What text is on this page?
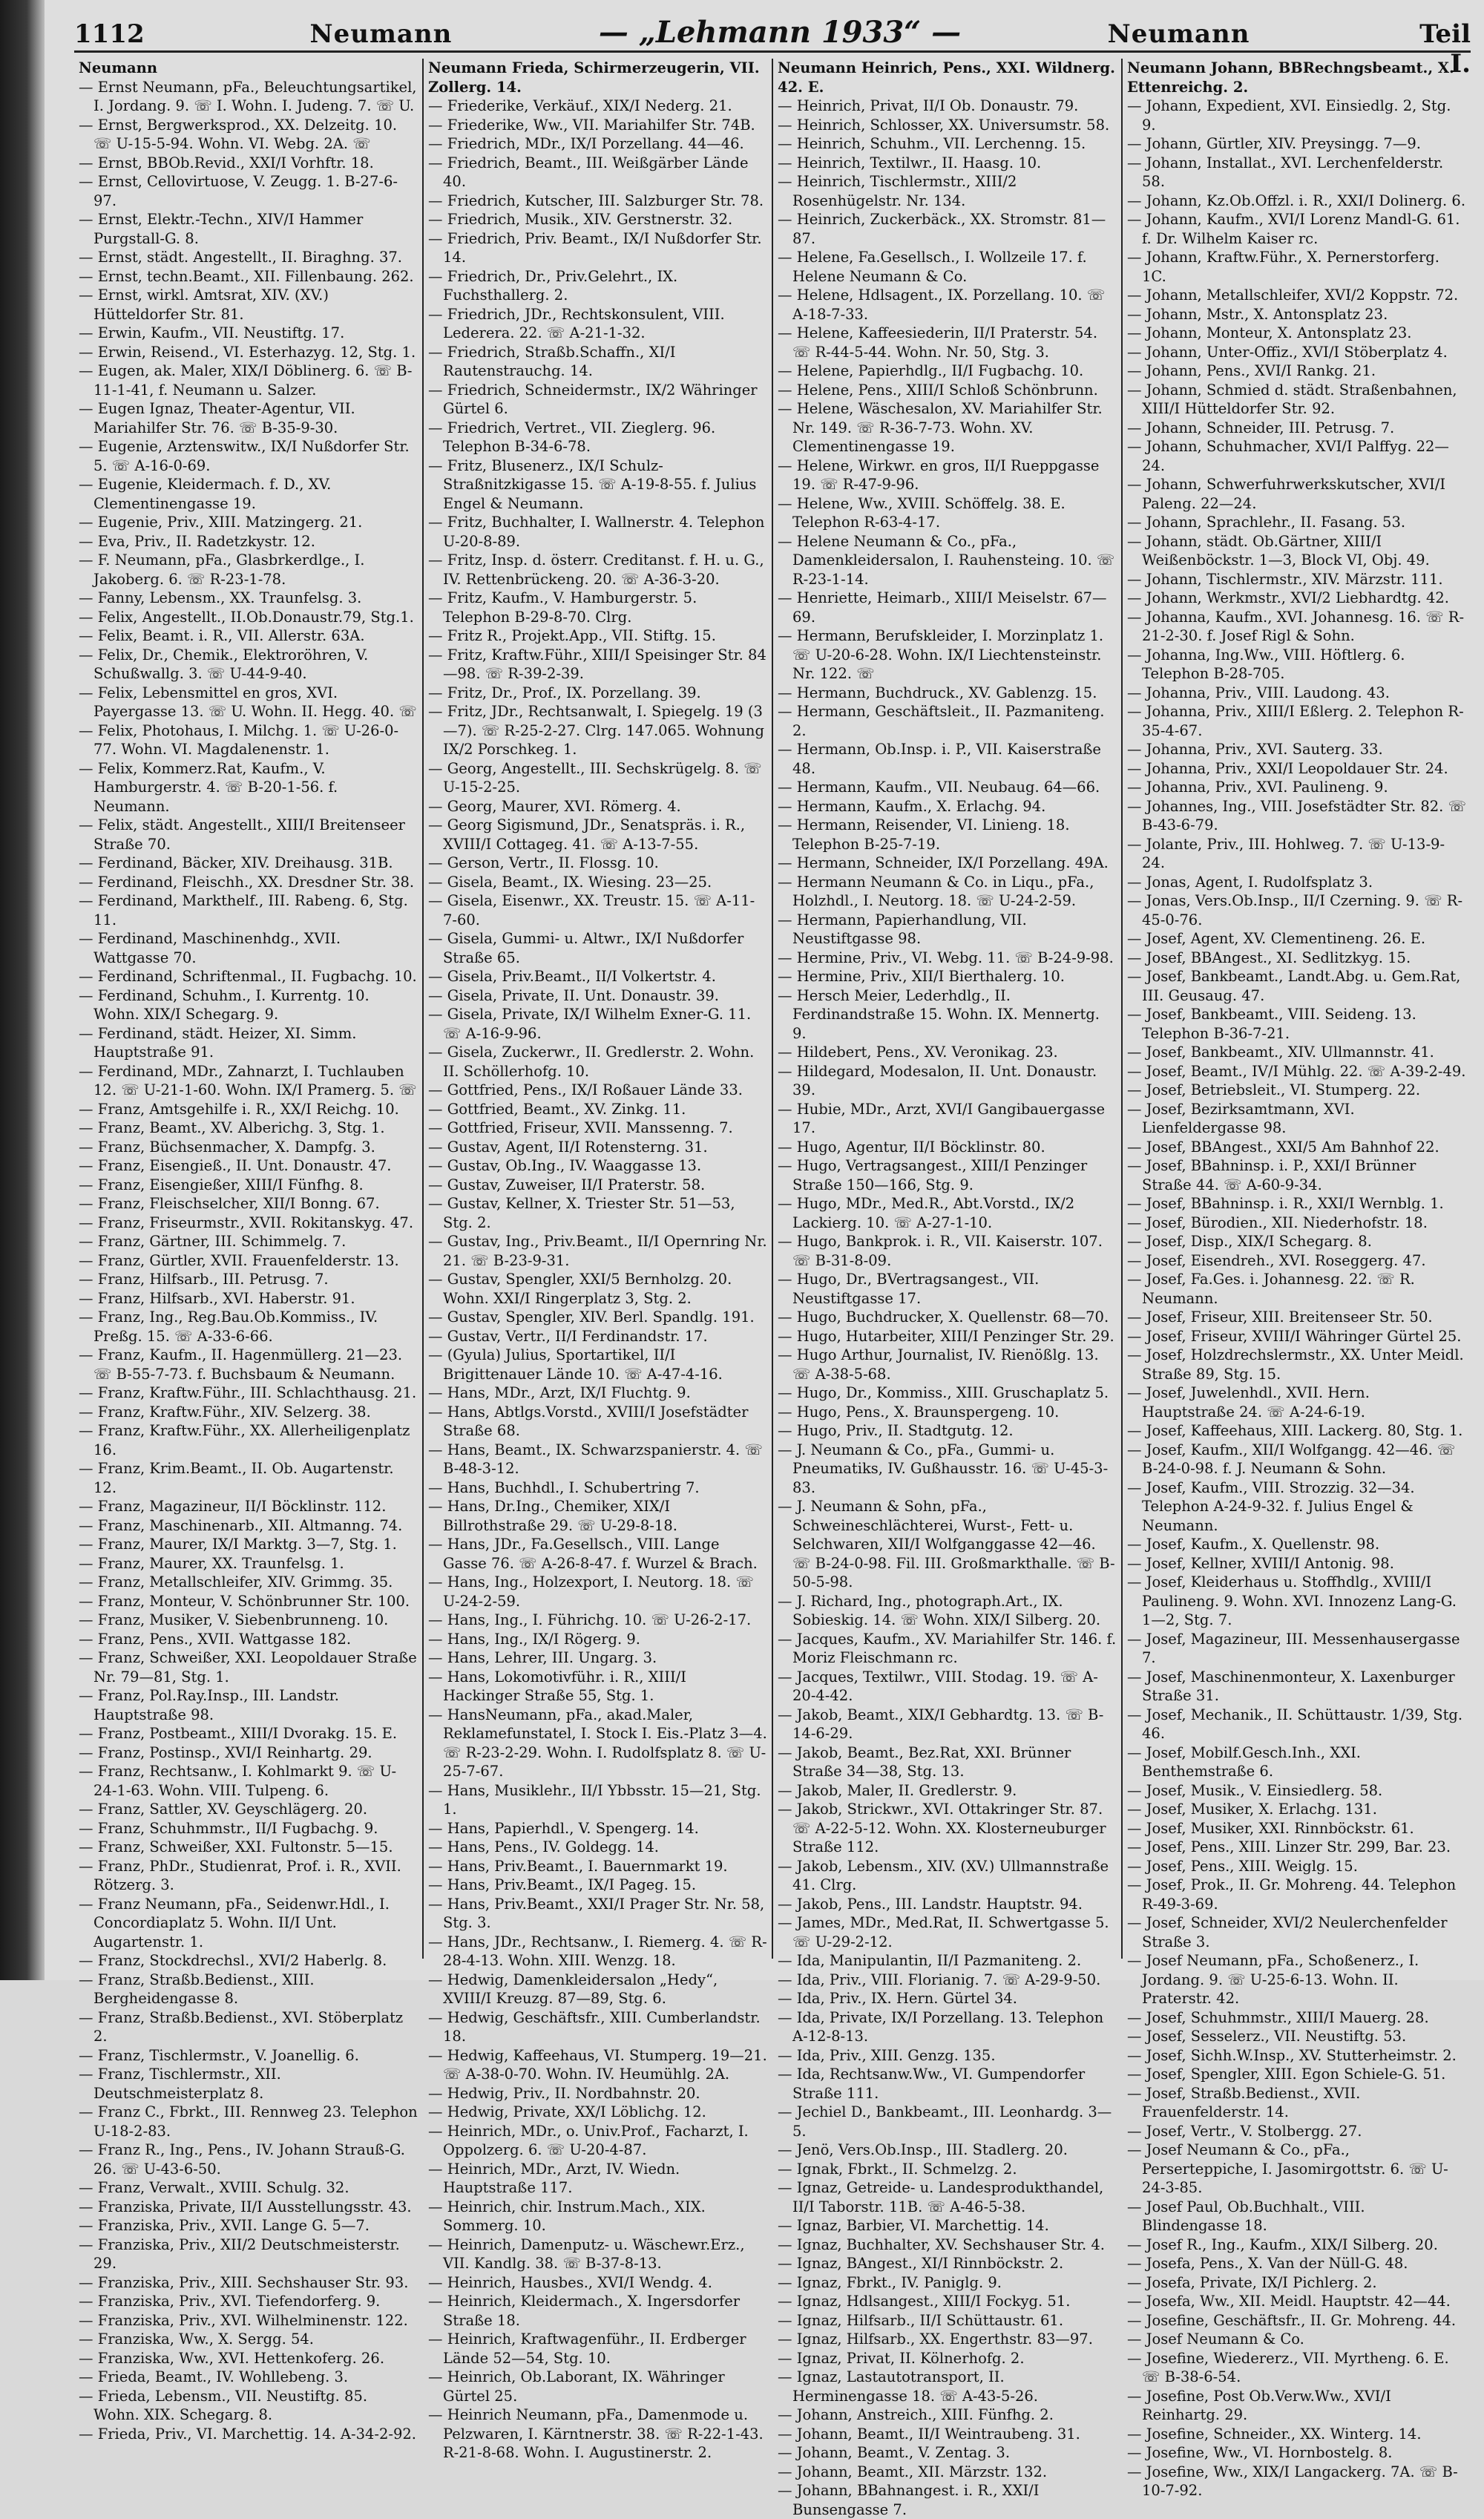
1112	Neumann	— „Lehmann 1933“ —	Neumann	Teil I.
Neumann
— Ernst Neumann, pFa., Beleuchtungsartikel, I. Jordang. 9. ☏ I. Wohn. I. Judeng. 7. ☏ U.
— Ernst, Bergwerksprod., XX. Delzeitg. 10. ☏ U-15-5-94. Wohn. VI. Webg. 2A. ☏
— Ernst, BBOb.Revid., XXI/I Vorhftr. 18.
— Ernst, Cellovirtuose, V. Zeugg. 1. B-27-6-97.
— Ernst, Elektr.-Techn., XIV/I Hammer Purgstall-G. 8.
— Ernst, städt. Angestellt., II. Biraghng. 37.
— Ernst, techn.Beamt., XII. Fillenbaung. 262.
— Ernst, wirkl. Amtsrat, XIV. (XV.) Hütteldorfer Str. 81.
— Erwin, Kaufm., VII. Neustiftg. 17.
— Erwin, Reisend., VI. Esterhazyg. 12, Stg. 1.
— Eugen, ak. Maler, XIX/I Döblinerg. 6. ☏ B-11-1-41, f. Neumann u. Salzer.
— Eugen Ignaz, Theater-Agentur, VII. Mariahilfer Str. 76. ☏ B-35-9-30.
— Eugenie, Arztenswitw., IX/I Nußdorfer Str. 5. ☏ A-16-0-69.
— Eugenie, Kleidermach. f. D., XV. Clementinengasse 19.
— Eugenie, Priv., XIII. Matzingerg. 21.
— Eva, Priv., II. Radetzkystr. 12.
— F. Neumann, pFa., Glasbrkerdlge., I. Jakoberg. 6. ☏ R-23-1-78.
— Fanny, Lebensm., XX. Traunfelsg. 3.
— Felix, Angestellt., II.Ob.Donaustr.79, Stg.1.
— Felix, Beamt. i. R., VII. Allerstr. 63A.
— Felix, Dr., Chemik., Elektroröhren, V. Schußwallg. 3. ☏ U-44-9-40.
— Felix, Lebensmittel en gros, XVI. Payergasse 13. ☏ U. Wohn. II. Hegg. 40. ☏
— Felix, Photohaus, I. Milchg. 1. ☏ U-26-0-77. Wohn. VI. Magdalenenstr. 1.
— Felix, Kommerz.Rat, Kaufm., V. Hamburgerstr. 4. ☏ B-20-1-56. f. Neumann.
— Felix, städt. Angestellt., XIII/I Breitenseer Straße 70.
— Ferdinand, Bäcker, XIV. Dreihausg. 31B.
— Ferdinand, Fleischh., XX. Dresdner Str. 38.
— Ferdinand, Markthelf., III. Rabeng. 6, Stg. 11.
— Ferdinand, Maschinenhdg., XVII. Wattgasse 70.
— Ferdinand, Schriftenmal., II. Fugbachg. 10.
— Ferdinand, Schuhm., I. Kurrentg. 10. Wohn. XIX/I Schegarg. 9.
— Ferdinand, städt. Heizer, XI. Simm. Hauptstraße 91.
— Ferdinand, MDr., Zahnarzt, I. Tuchlauben 12. ☏ U-21-1-60. Wohn. IX/I Pramerg. 5. ☏
— Franz, Amtsgehilfe i. R., XX/I Reichg. 10.
— Franz, Beamt., XV. Alberichg. 3, Stg. 1.
— Franz, Büchsenmacher, X. Dampfg. 3.
— Franz, Eisengieß., II. Unt. Donaustr. 47.
— Franz, Eisengießer, XIII/I Fünfhg. 8.
— Franz, Fleischselcher, XII/I Bonng. 67.
— Franz, Friseurmstr., XVII. Rokitanskyg. 47.
— Franz, Gärtner, III. Schimmelg. 7.
— Franz, Gürtler, XVII. Frauenfelderstr. 13.
— Franz, Hilfsarb., III. Petrusg. 7.
— Franz, Hilfsarb., XVI. Haberstr. 91.
— Franz, Ing., Reg.Bau.Ob.Kommiss., IV. Preßg. 15. ☏ A-33-6-66.
— Franz, Kaufm., II. Hagenmüllerg. 21—23. ☏ B-55-7-73. f. Buchsbaum & Neumann.
— Franz, Kraftw.Führ., III. Schlachthausg. 21.
— Franz, Kraftw.Führ., XIV. Selzerg. 38.
— Franz, Kraftw.Führ., XX. Allerheiligenplatz 16.
— Franz, Krim.Beamt., II. Ob. Augartenstr. 12.
— Franz, Magazineur, II/I Böcklinstr. 112.
— Franz, Maschinenarb., XII. Altmanng. 74.
— Franz, Maurer, IX/I Marktg. 3—7, Stg. 1.
— Franz, Maurer, XX. Traunfelsg. 1.
— Franz, Metallschleifer, XIV. Grimmg. 35.
— Franz, Monteur, V. Schönbrunner Str. 100.
— Franz, Musiker, V. Siebenbrunneng. 10.
— Franz, Pens., XVII. Wattgasse 182.
— Franz, Schweißer, XXI. Leopoldauer Straße Nr. 79—81, Stg. 1.
— Franz, Pol.Ray.Insp., III. Landstr. Hauptstraße 98.
— Franz, Postbeamt., XIII/I Dvorakg. 15. E.
— Franz, Postinsp., XVI/I Reinhartg. 29.
— Franz, Rechtsanw., I. Kohlmarkt 9. ☏ U-24-1-63. Wohn. VIII. Tulpeng. 6.
— Franz, Sattler, XV. Geyschlägerg. 20.
— Franz, Schuhmmstr., II/I Fugbachg. 9.
— Franz, Schweißer, XXI. Fultonstr. 5—15.
— Franz, PhDr., Studienrat, Prof. i. R., XVII. Rötzerg. 3.
— Franz Neumann, pFa., Seidenwr.Hdl., I. Concordiaplatz 5. Wohn. II/I Unt. Augartenstr. 1.
— Franz, Stockdrechsl., XVI/2 Haberlg. 8.
— Franz, Straßb.Bedienst., XIII. Bergheidengasse 8.
— Franz, Straßb.Bedienst., XVI. Stöberplatz 2.
— Franz, Tischlermstr., V. Joanellig. 6.
— Franz, Tischlermstr., XII. Deutschmeisterplatz 8.
— Franz C., Fbrkt., III. Rennweg 23. Telephon U-18-2-83.
— Franz R., Ing., Pens., IV. Johann Strauß-G. 26. ☏ U-43-6-50.
— Franz, Verwalt., XVIII. Schulg. 32.
— Franziska, Private, II/I Ausstellungsstr. 43.
— Franziska, Priv., XVII. Lange G. 5—7.
— Franziska, Priv., XII/2 Deutschmeisterstr. 29.
— Franziska, Priv., XIII. Sechshauser Str. 93.
— Franziska, Priv., XVI. Tiefendorferg. 9.
— Franziska, Priv., XVI. Wilhelminenstr. 122.
— Franziska, Ww., X. Sergg. 54.
— Franziska, Ww., XVI. Hettenkoferg. 26.
— Frieda, Beamt., IV. Wohllebeng. 3.
— Frieda, Lebensm., VII. Neustiftg. 85. Wohn. XIX. Schegarg. 8.
— Frieda, Priv., VI. Marchettig. 14. A-34-2-92.
Neumann Frieda, Schirmerzeugerin, VII. Zollerg. 14.
— Friederike, Verkäuf., XIX/I Nederg. 21.
— Friederike, Ww., VII. Mariahilfer Str. 74B.
— Friedrich, MDr., IX/I Porzellang. 44—46.
— Friedrich, Beamt., III. Weißgärber Lände 40.
— Friedrich, Kutscher, III. Salzburger Str. 78.
— Friedrich, Musik., XIV. Gerstnerstr. 32.
— Friedrich, Priv. Beamt., IX/I Nußdorfer Str. 14.
— Friedrich, Dr., Priv.Gelehrt., IX. Fuchsthallerg. 2.
— Friedrich, JDr., Rechtskonsulent, VIII. Lederera. 22. ☏ A-21-1-32.
— Friedrich, Straßb.Schaffn., XI/I Rautenstrauchg. 14.
— Friedrich, Schneidermstr., IX/2 Währinger Gürtel 6.
— Friedrich, Vertret., VII. Zieglerg. 96. Telephon B-34-6-78.
— Fritz, Blusenerz., IX/I Schulz-Straßnitzkigasse 15. ☏ A-19-8-55. f. Julius Engel & Neumann.
— Fritz, Buchhalter, I. Wallnerstr. 4. Telephon U-20-8-89.
— Fritz, Insp. d. österr. Creditanst. f. H. u. G., IV. Rettenbrückeng. 20. ☏ A-36-3-20.
— Fritz, Kaufm., V. Hamburgerstr. 5. Telephon B-29-8-70. Clrg.
— Fritz R., Projekt.App., VII. Stiftg. 15.
— Fritz, Kraftw.Führ., XIII/I Speisinger Str. 84—98. ☏ R-39-2-39.
— Fritz, Dr., Prof., IX. Porzellang. 39.
— Fritz, JDr., Rechtsanwalt, I. Spiegelg. 19 (3—7). ☏ R-25-2-27. Clrg. 147.065. Wohnung IX/2 Porschkeg. 1.
— Georg, Angestellt., III. Sechskrügelg. 8. ☏ U-15-2-25.
— Georg, Maurer, XVI. Römerg. 4.
— Georg Sigismund, JDr., Senatspräs. i. R., XVIII/I Cottageg. 41. ☏ A-13-7-55.
— Gerson, Vertr., II. Flossg. 10.
— Gisela, Beamt., IX. Wiesing. 23—25.
— Gisela, Eisenwr., XX. Treustr. 15. ☏ A-11-7-60.
— Gisela, Gummi- u. Altwr., IX/I Nußdorfer Straße 65.
— Gisela, Priv.Beamt., II/I Volkertstr. 4.
— Gisela, Private, II. Unt. Donaustr. 39.
— Gisela, Private, IX/I Wilhelm Exner-G. 11. ☏ A-16-9-96.
— Gisela, Zuckerwr., II. Gredlerstr. 2. Wohn. II. Schöllerhofg. 10.
— Gottfried, Pens., IX/I Roßauer Lände 33.
— Gottfried, Beamt., XV. Zinkg. 11.
— Gottfried, Friseur, XVII. Manssenng. 7.
— Gustav, Agent, II/I Rotensterng. 31.
— Gustav, Ob.Ing., IV. Waaggasse 13.
— Gustav, Zuweiser, II/I Praterstr. 58.
— Gustav, Kellner, X. Triester Str. 51—53, Stg. 2.
— Gustav, Ing., Priv.Beamt., II/I Opernring Nr. 21. ☏ B-23-9-31.
— Gustav, Spengler, XXI/5 Bernholzg. 20. Wohn. XXI/I Ringerplatz 3, Stg. 2.
— Gustav, Spengler, XIV. Berl. Spandlg. 191.
— Gustav, Vertr., II/I Ferdinandstr. 17.
— (Gyula) Julius, Sportartikel, II/I Brigittenauer Lände 10. ☏ A-47-4-16.
— Hans, MDr., Arzt, IX/I Fluchtg. 9.
— Hans, Abtlgs.Vorstd., XVIII/I Josefstädter Straße 68.
— Hans, Beamt., IX. Schwarzspanierstr. 4. ☏ B-48-3-12.
— Hans, Buchhdl., I. Schubertring 7.
— Hans, Dr.Ing., Chemiker, XIX/I Billrothstraße 29. ☏ U-29-8-18.
— Hans, JDr., Fa.Gesellsch., VIII. Lange Gasse 76. ☏ A-26-8-47. f. Wurzel & Brach.
— Hans, Ing., Holzexport, I. Neutorg. 18. ☏ U-24-2-59.
— Hans, Ing., I. Führichg. 10. ☏ U-26-2-17.
— Hans, Ing., IX/I Rögerg. 9.
— Hans, Lehrer, III. Ungarg. 3.
— Hans, Lokomotivführ. i. R., XIII/I Hackinger Straße 55, Stg. 1.
— HansNeumann, pFa., akad.Maler, Reklamefunstatel, I. Stock I. Eis.-Platz 3—4. ☏ R-23-2-29. Wohn. I. Rudolfsplatz 8. ☏ U-25-7-67.
— Hans, Musiklehr., II/I Ybbsstr. 15—21, Stg. 1.
— Hans, Papierhdl., V. Spengerg. 14.
— Hans, Pens., IV. Goldegg. 14.
— Hans, Priv.Beamt., I. Bauernmarkt 19.
— Hans, Priv.Beamt., IX/I Pageg. 15.
— Hans, Priv.Beamt., XXI/I Prager Str. Nr. 58, Stg. 3.
— Hans, JDr., Rechtsanw., I. Riemerg. 4. ☏ R-28-4-13. Wohn. XIII. Wenzg. 18.
— Hedwig, Damenkleidersalon „Hedy“, XVIII/I Kreuzg. 87—89, Stg. 6.
— Hedwig, Geschäftsfr., XIII. Cumberlandstr. 18.
— Hedwig, Kaffeehaus, VI. Stumperg. 19—21. ☏ A-38-0-70. Wohn. IV. Heumühlg. 2A.
— Hedwig, Priv., II. Nordbahnstr. 20.
— Hedwig, Private, XX/I Löblichg. 12.
— Heinrich, MDr., o. Univ.Prof., Facharzt, I. Oppolzerg. 6. ☏ U-20-4-87.
— Heinrich, MDr., Arzt, IV. Wiedn. Hauptstraße 117.
— Heinrich, chir. Instrum.Mach., XIX. Sommerg. 10.
— Heinrich, Damenputz- u. Wäschewr.Erz., VII. Kandlg. 38. ☏ B-37-8-13.
— Heinrich, Hausbes., XVI/I Wendg. 4.
— Heinrich, Kleidermach., X. Ingersdorfer Straße 18.
— Heinrich, Kraftwagenführ., II. Erdberger Lände 52—54, Stg. 10.
— Heinrich, Ob.Laborant, IX. Währinger Gürtel 25.
— Heinrich Neumann, pFa., Damenmode u. Pelzwaren, I. Kärntnerstr. 38. ☏ R-22-1-43. R-21-8-68. Wohn. I. Augustinerstr. 2.
Neumann Heinrich, Pens., XXI. Wildnerg. 42. E.
— Heinrich, Privat, II/I Ob. Donaustr. 79.
— Heinrich, Schlosser, XX. Universumstr. 58.
— Heinrich, Schuhm., VII. Lerchenng. 15.
— Heinrich, Textilwr., II. Haasg. 10.
— Heinrich, Tischlermstr., XIII/2 Rosenhügelstr. Nr. 134.
— Heinrich, Zuckerbäck., XX. Stromstr. 81—87.
— Helene, Fa.Gesellsch., I. Wollzeile 17. f. Helene Neumann & Co.
— Helene, Hdlsagent., IX. Porzellang. 10. ☏ A-18-7-33.
— Helene, Kaffeesiederin, II/I Praterstr. 54. ☏ R-44-5-44. Wohn. Nr. 50, Stg. 3.
— Helene, Papierhdlg., II/I Fugbachg. 10.
— Helene, Pens., XIII/I Schloß Schönbrunn.
— Helene, Wäschesalon, XV. Mariahilfer Str. Nr. 149. ☏ R-36-7-73. Wohn. XV. Clementinengasse 19.
— Helene, Wirkwr. en gros, II/I Rueppgasse 19. ☏ R-47-9-96.
— Helene, Ww., XVIII. Schöffelg. 38. E. Telephon R-63-4-17.
— Helene Neumann & Co., pFa., Damenkleidersalon, I. Rauhensteing. 10. ☏ R-23-1-14.
— Henriette, Heimarb., XIII/I Meiselstr. 67—69.
— Hermann, Berufskleider, I. Morzinplatz 1. ☏ U-20-6-28. Wohn. IX/I Liechtensteinstr. Nr. 122. ☏
— Hermann, Buchdruck., XV. Gablenzg. 15.
— Hermann, Geschäftsleit., II. Pazmaniteng. 2.
— Hermann, Ob.Insp. i. P., VII. Kaiserstraße 48.
— Hermann, Kaufm., VII. Neubaug. 64—66.
— Hermann, Kaufm., X. Erlachg. 94.
— Hermann, Reisender, VI. Linieng. 18. Telephon B-25-7-19.
— Hermann, Schneider, IX/I Porzellang. 49A.
— Hermann Neumann & Co. in Liqu., pFa., Holzhdl., I. Neutorg. 18. ☏ U-24-2-59.
— Hermann, Papierhandlung, VII. Neustiftgasse 98.
— Hermine, Priv., VI. Webg. 11. ☏ B-24-9-98.
— Hermine, Priv., XII/I Bierthalerg. 10.
— Hersch Meier, Lederhdlg., II. Ferdinandstraße 15. Wohn. IX. Mennertg. 9.
— Hildebert, Pens., XV. Veronikag. 23.
— Hildegard, Modesalon, II. Unt. Donaustr. 39.
— Hubie, MDr., Arzt, XVI/I Gangibauergasse 17.
— Hugo, Agentur, II/I Böcklinstr. 80.
— Hugo, Vertragsangest., XIII/I Penzinger Straße 150—166, Stg. 9.
— Hugo, MDr., Med.R., Abt.Vorstd., IX/2 Lackierg. 10. ☏ A-27-1-10.
— Hugo, Bankprok. i. R., VII. Kaiserstr. 107. ☏ B-31-8-09.
— Hugo, Dr., BVertragsangest., VII. Neustiftgasse 17.
— Hugo, Buchdrucker, X. Quellenstr. 68—70.
— Hugo, Hutarbeiter, XIII/I Penzinger Str. 29.
— Hugo Arthur, Journalist, IV. Rienößlg. 13. ☏ A-38-5-68.
— Hugo, Dr., Kommiss., XIII. Gruschaplatz 5.
— Hugo, Pens., X. Braunspergeng. 10.
— Hugo, Priv., II. Stadtgutg. 12.
— J. Neumann & Co., pFa., Gummi- u. Pneumatiks, IV. Gußhausstr. 16. ☏ U-45-3-83.
— J. Neumann & Sohn, pFa., Schweineschlächterei, Wurst-, Fett- u. Selchwaren, XII/I Wolfganggasse 42—46. ☏ B-24-0-98. Fil. III. Großmarkthalle. ☏ B-50-5-98.
— J. Richard, Ing., photograph.Art., IX. Sobieskig. 14. ☏ Wohn. XIX/I Silberg. 20.
— Jacques, Kaufm., XV. Mariahilfer Str. 146. f. Moriz Fleischmann rc.
— Jacques, Textilwr., VIII. Stodag. 19. ☏ A-20-4-42.
— Jakob, Beamt., XIX/I Gebhardtg. 13. ☏ B-14-6-29.
— Jakob, Beamt., Bez.Rat, XXI. Brünner Straße 34—38, Stg. 13.
— Jakob, Maler, II. Gredlerstr. 9.
— Jakob, Strickwr., XVI. Ottakringer Str. 87. ☏ A-22-5-12. Wohn. XX. Klosterneuburger Straße 112.
— Jakob, Lebensm., XIV. (XV.) Ullmannstraße 41. Clrg.
— Jakob, Pens., III. Landstr. Hauptstr. 94.
— James, MDr., Med.Rat, II. Schwertgasse 5. ☏ U-29-2-12.
— Ida, Manipulantin, II/I Pazmaniteng. 2.
— Ida, Priv., VIII. Florianig. 7. ☏ A-29-9-50.
— Ida, Priv., IX. Hern. Gürtel 34.
— Ida, Private, IX/I Porzellang. 13. Telephon A-12-8-13.
— Ida, Priv., XIII. Genzg. 135.
— Ida, Rechtsanw.Ww., VI. Gumpendorfer Straße 111.
— Jechiel D., Bankbeamt., III. Leonhardg. 3—5.
— Jenö, Vers.Ob.Insp., III. Stadlerg. 20.
— Ignak, Fbrkt., II. Schmelzg. 2.
— Ignaz, Getreide- u. Landesprodukthandel, II/I Taborstr. 11B. ☏ A-46-5-38.
— Ignaz, Barbier, VI. Marchettig. 14.
— Ignaz, Buchhalter, XV. Sechshauser Str. 4.
— Ignaz, BAngest., XI/I Rinnböckstr. 2.
— Ignaz, Fbrkt., IV. Paniglg. 9.
— Ignaz, Hdlsangest., XIII/I Fockyg. 51.
— Ignaz, Hilfsarb., II/I Schüttaustr. 61.
— Ignaz, Hilfsarb., XX. Engerthstr. 83—97.
— Ignaz, Privat, II. Kölnerhofg. 2.
— Ignaz, Lastautotransport, II. Herminengasse 18. ☏ A-43-5-26.
— Johann, Anstreich., XIII. Fünfhg. 2.
— Johann, Beamt., II/I Weintraubeng. 31.
— Johann, Beamt., V. Zentag. 3.
— Johann, Beamt., XII. Märzstr. 132.
— Johann, BBahnangest. i. R., XXI/I Bunsengasse 7.
Neumann Johann, BBRechngsbeamt., X. Ettenreichg. 2.
— Johann, Expedient, XVI. Einsiedlg. 2, Stg. 9.
— Johann, Gürtler, XIV. Preysingg. 7—9.
— Johann, Installat., XVI. Lerchenfelderstr. 58.
— Johann, Kz.Ob.Offzl. i. R., XXI/I Dolinerg. 6.
— Johann, Kaufm., XVI/I Lorenz Mandl-G. 61. f. Dr. Wilhelm Kaiser rc.
— Johann, Kraftw.Führ., X. Pernerstorferg. 1C.
— Johann, Metallschleifer, XVI/2 Koppstr. 72.
— Johann, Mstr., X. Antonsplatz 23.
— Johann, Monteur, X. Antonsplatz 23.
— Johann, Unter-Offiz., XVI/I Stöberplatz 4.
— Johann, Pens., XVI/I Rankg. 21.
— Johann, Schmied d. städt. Straßenbahnen, XIII/I Hütteldorfer Str. 92.
— Johann, Schneider, III. Petrusg. 7.
— Johann, Schuhmacher, XVI/I Palffyg. 22—24.
— Johann, Schwerfuhrwerkskutscher, XVI/I Paleng. 22—24.
— Johann, Sprachlehr., II. Fasang. 53.
— Johann, städt. Ob.Gärtner, XIII/I Weißenböckstr. 1—3, Block VI, Obj. 49.
— Johann, Tischlermstr., XIV. Märzstr. 111.
— Johann, Werkmstr., XVI/2 Liebhardtg. 42.
— Johanna, Kaufm., XVI. Johannesg. 16. ☏ R-21-2-30. f. Josef Rigl & Sohn.
— Johanna, Ing.Ww., VIII. Höftlerg. 6. Telephon B-28-705.
— Johanna, Priv., VIII. Laudong. 43.
— Johanna, Priv., XIII/I Eßlerg. 2. Telephon R-35-4-67.
— Johanna, Priv., XVI. Sauterg. 33.
— Johanna, Priv., XXI/I Leopoldauer Str. 24.
— Johanna, Priv., XVI. Paulineng. 9.
— Johannes, Ing., VIII. Josefstädter Str. 82. ☏ B-43-6-79.
— Jolante, Priv., III. Hohlweg. 7. ☏ U-13-9-24.
— Jonas, Agent, I. Rudolfsplatz 3.
— Jonas, Vers.Ob.Insp., II/I Czerning. 9. ☏ R-45-0-76.
— Josef, Agent, XV. Clementineng. 26. E.
— Josef, BBAngest., XI. Sedlitzkyg. 15.
— Josef, Bankbeamt., Landt.Abg. u. Gem.Rat, III. Geusaug. 47.
— Josef, Bankbeamt., VIII. Seideng. 13. Telephon B-36-7-21.
— Josef, Bankbeamt., XIV. Ullmannstr. 41.
— Josef, Beamt., IV/I Mühlg. 22. ☏ A-39-2-49.
— Josef, Betriebsleit., VI. Stumperg. 22.
— Josef, Bezirksamtmann, XVI. Lienfeldergasse 98.
— Josef, BBAngest., XXI/5 Am Bahnhof 22.
— Josef, BBahninsp. i. P., XXI/I Brünner Straße 44. ☏ A-60-9-34.
— Josef, BBahninsp. i. R., XXI/I Wernblg. 1.
— Josef, Bürodien., XII. Niederhofstr. 18.
— Josef, Disp., XIX/I Schegarg. 8.
— Josef, Eisendreh., XVI. Roseggerg. 47.
— Josef, Fa.Ges. i. Johannesg. 22. ☏ R. Neumann.
— Josef, Friseur, XIII. Breitenseer Str. 50.
— Josef, Friseur, XVIII/I Währinger Gürtel 25.
— Josef, Holzdrechslermstr., XX. Unter Meidl. Straße 89, Stg. 15.
— Josef, Juwelenhdl., XVII. Hern. Hauptstraße 24. ☏ A-24-6-19.
— Josef, Kaffeehaus, XIII. Lackerg. 80, Stg. 1.
— Josef, Kaufm., XII/I Wolfgangg. 42—46. ☏ B-24-0-98. f. J. Neumann & Sohn.
— Josef, Kaufm., VIII. Strozzig. 32—34. Telephon A-24-9-32. f. Julius Engel & Neumann.
— Josef, Kaufm., X. Quellenstr. 98.
— Josef, Kellner, XVIII/I Antonig. 98.
— Josef, Kleiderhaus u. Stoffhdlg., XVIII/I Paulineng. 9. Wohn. XVI. Innozenz Lang-G. 1—2, Stg. 7.
— Josef, Magazineur, III. Messenhausergasse 7.
— Josef, Maschinenmonteur, X. Laxenburger Straße 31.
— Josef, Mechanik., II. Schüttaustr. 1/39, Stg. 46.
— Josef, Mobilf.Gesch.Inh., XXI. Benthemstraße 6.
— Josef, Musik., V. Einsiedlerg. 58.
— Josef, Musiker, X. Erlachg. 131.
— Josef, Musiker, XXI. Rinnböckstr. 61.
— Josef, Pens., XIII. Linzer Str. 299, Bar. 23.
— Josef, Pens., XIII. Weiglg. 15.
— Josef, Prok., II. Gr. Mohreng. 44. Telephon R-49-3-69.
— Josef, Schneider, XVI/2 Neulerchenfelder Straße 3.
— Josef Neumann, pFa., Schoßenerz., I. Jordang. 9. ☏ U-25-6-13. Wohn. II. Praterstr. 42.
— Josef, Schuhmmstr., XIII/I Mauerg. 28.
— Josef, Sesselerz., VII. Neustiftg. 53.
— Josef, Sichh.W.Insp., XV. Stutterheimstr. 2.
— Josef, Spengler, XIII. Egon Schiele-G. 51.
— Josef, Straßb.Bedienst., XVII. Frauenfelderstr. 14.
— Josef, Vertr., V. Stolbergg. 27.
— Josef Neumann & Co., pFa., Perserteppiche, I. Jasomirgottstr. 6. ☏ U-24-3-85.
— Josef Paul, Ob.Buchhalt., VIII. Blindengasse 18.
— Josef R., Ing., Kaufm., XIX/I Silberg. 20.
— Josefa, Pens., X. Van der Nüll-G. 48.
— Josefa, Private, IX/I Pichlerg. 2.
— Josefa, Ww., XII. Meidl. Hauptstr. 42—44.
— Josefine, Geschäftsfr., II. Gr. Mohreng. 44.
— Josef Neumann & Co.
— Josefine, Wiedererz., VII. Myrtheng. 6. E. ☏ B-38-6-54.
— Josefine, Post Ob.Verw.Ww., XVI/I Reinhartg. 29.
— Josefine, Schneider., XX. Winterg. 14.
— Josefine, Ww., VI. Hornbostelg. 8.
— Josefine, Ww., XIX/I Langackerg. 7A. ☏ B-10-7-92.
